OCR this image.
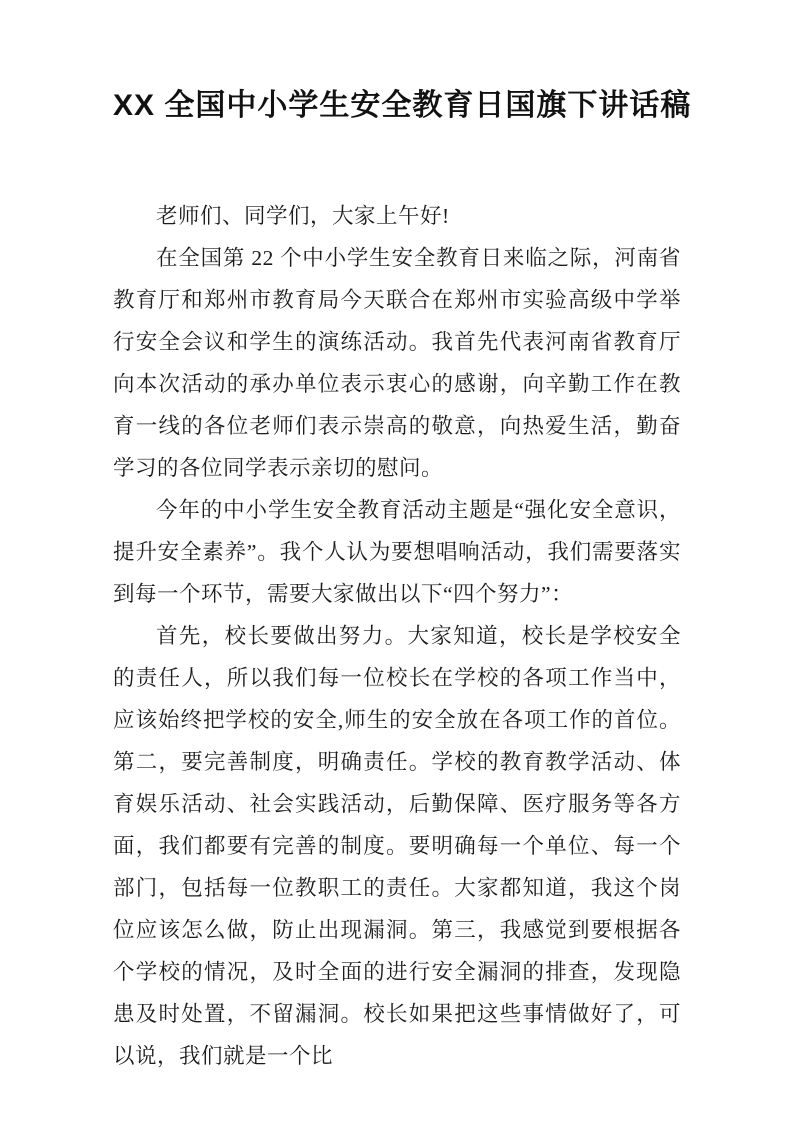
XX 全国中小学生安全教育日国旗下讲话稿

老师们、同学们，大家上午好!

在全国第 22 个中小学生安全教育日来临之际，河南省教育厅和郑州市教育局今天联合在郑州市实验高级中学举行安全会议和学生的演练活动。我首先代表河南省教育厅向本次活动的承办单位表示衷心的感谢，向辛勤工作在教育一线的各位老师们表示崇高的敬意，向热爱生活，勤奋学习的各位同学表示亲切的慰问。

今年的中小学生安全教育活动主题是“强化安全意识，提升安全素养”。我个人认为要想唱响活动，我们需要落实到每一个环节，需要大家做出以下“四个努力”：

首先，校长要做出努力。大家知道，校长是学校安全的责任人，所以我们每一位校长在学校的各项工作当中，应该始终把学校的安全,师生的安全放在各项工作的首位。第二，要完善制度，明确责任。学校的教育教学活动、体育娱乐活动、社会实践活动，后勤保障、医疗服务等各方面，我们都要有完善的制度。要明确每一个单位、每一个部门，包括每一位教职工的责任。大家都知道，我这个岗位应该怎么做，防止出现漏洞。第三，我感觉到要根据各个学校的情况，及时全面的进行安全漏洞的排查，发现隐患及时处置，不留漏洞。校长如果把这些事情做好了，可以说，我们就是一个比
